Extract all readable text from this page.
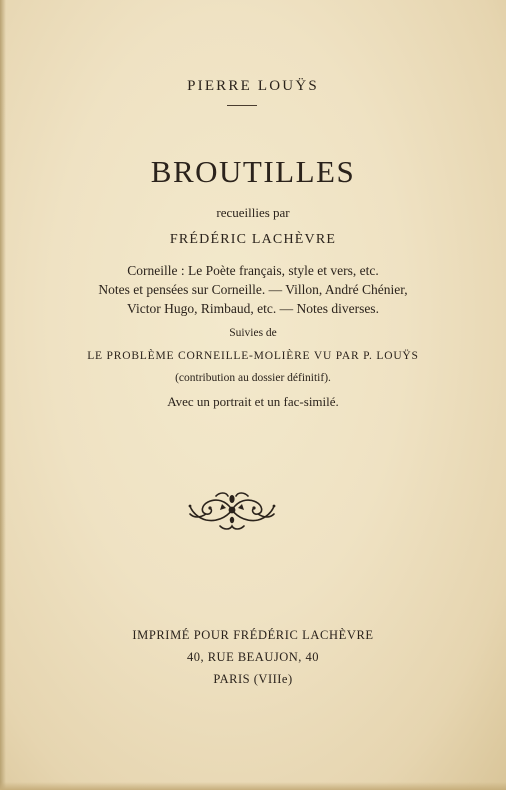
PIERRE LOUŸS
BROUTILLES
recueillies par
FRÉDÉRIC LACHÈVRE
Corneille : Le Poète français, style et vers, etc.
Notes et pensées sur Corneille. — Villon, André Chénier,
Victor Hugo, Rimbaud, etc. — Notes diverses.
Suivies de
LE PROBLÈME CORNEILLE-MOLIÈRE VU PAR P. LOUŸS
(contribution au dossier définitif).
Avec un portrait et un fac-similé.
IMPRIMÉ POUR FRÉDÉRIC LACHÈVRE
40, RUE BEAUJON, 40
PARIS (VIIIe)
